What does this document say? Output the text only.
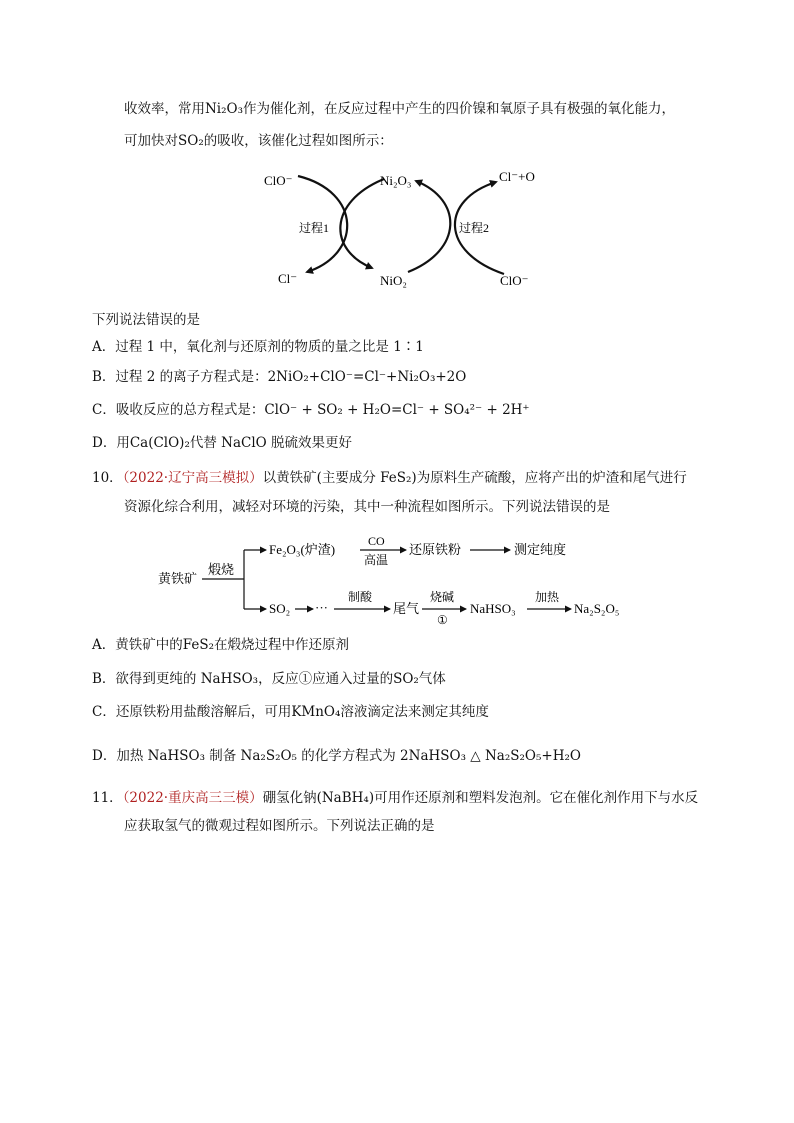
收效率，常用Ni₂O₃作为催化剂，在反应过程中产生的四价镍和氧原子具有极强的氧化能力，
可加快对SO₂的吸收，该催化过程如图所示：
ClO⁻	Ni₂O₃	Cl⁻+O
过程1	过程2
Cl⁻	NiO₂	ClO⁻
下列说法错误的是
A．过程 1 中，氧化剂与还原剂的物质的量之比是 1∶1
B．过程 2 的离子方程式是：2NiO₂+ClO⁻=Cl⁻+Ni₂O₃+2O
C．吸收反应的总方程式是：ClO⁻ + SO₂ + H₂O=Cl⁻ + SO₄²⁻ + 2H⁺
D．用Ca(ClO)₂代替 NaClO 脱硫效果更好
10．（2022·辽宁高三模拟）以黄铁矿(主要成分 FeS₂)为原料生产硫酸，应将产出的炉渣和尾气进行
资源化综合利用，减轻对环境的污染，其中一种流程如图所示。下列说法错误的是
黄铁矿
煅烧
Fe₂O₃(炉渣)
CO
高温
还原铁粉	测定纯度
SO₂ ···
制酸
尾气
烧碱
①
NaHSO₃
加热
Na₂S₂O₅
A．黄铁矿中的FeS₂在煅烧过程中作还原剂
B．欲得到更纯的 NaHSO₃，反应①应通入过量的SO₂气体
C．还原铁粉用盐酸溶解后，可用KMnO₄溶液滴定法来测定其纯度
D．加热 NaHSO₃ 制备 Na₂S₂O₅ 的化学方程式为 2NaHSO₃ △ Na₂S₂O₅+H₂O
11．（2022·重庆高三三模）硼氢化钠(NaBH₄)可用作还原剂和塑料发泡剂。它在催化剂作用下与水反
应获取氢气的微观过程如图所示。下列说法正确的是
